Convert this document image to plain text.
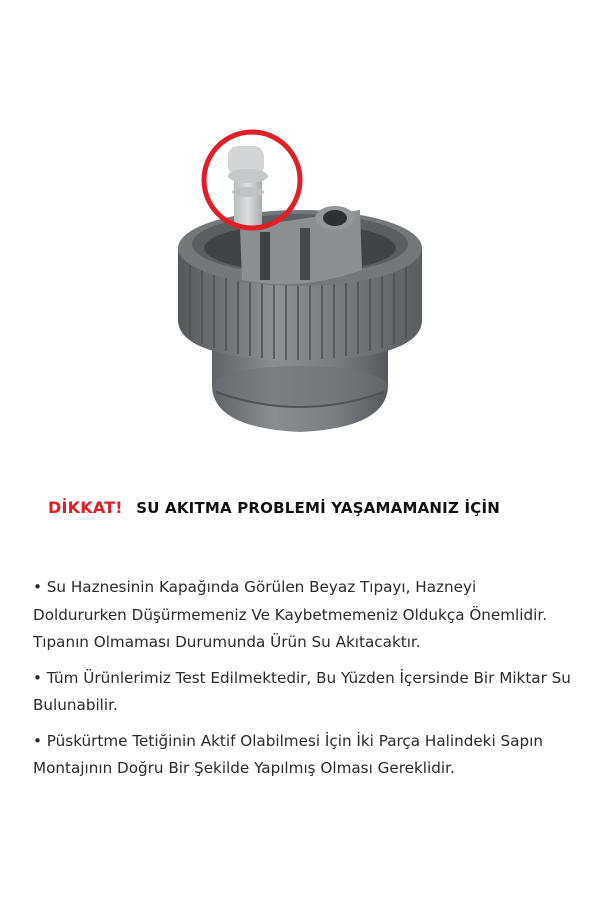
DİKKAT! SU AKITMA PROBLEMİ YAŞAMAMANIZ İÇİN

• Su Haznesinin Kapağında Görülen Beyaz Tıpayı, Hazneyi Doldururken Düşürmemeniz Ve Kaybetmemeniz Oldukça Önemlidir. Tıpanın Olmaması Durumunda Ürün Su Akıtacaktır.

• Tüm Ürünlerimiz Test Edilmektedir, Bu Yüzden İçersinde Bir Miktar Su Bulunabilir.

• Püskürtme Tetiğinin Aktif Olabilmesi İçin İki Parça Halindeki Sapın Montajının Doğru Bir Şekilde Yapılmış Olması Gereklidir.
